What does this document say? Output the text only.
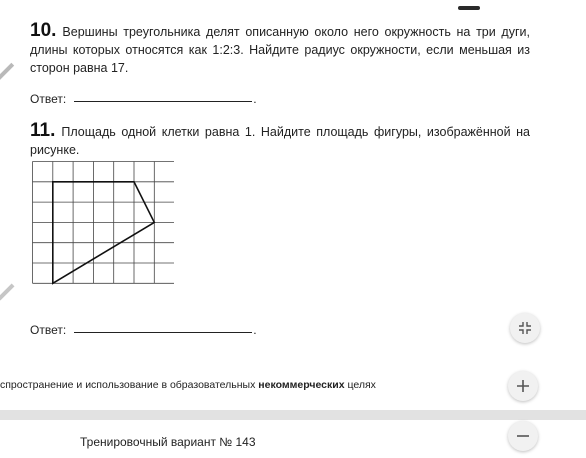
10. Вершины треугольника делят описанную около него окружность на три дуги, длины которых относятся как 1:2:3. Найдите радиус окружности, если меньшая из сторон равна 17.
Ответ:	.
11. Площадь одной клетки равна 1. Найдите площадь фигуры, изображённой на рисунке.
Ответ:	.
спространение и использование в образовательных некоммерческих целях
Тренировочный вариант № 143
